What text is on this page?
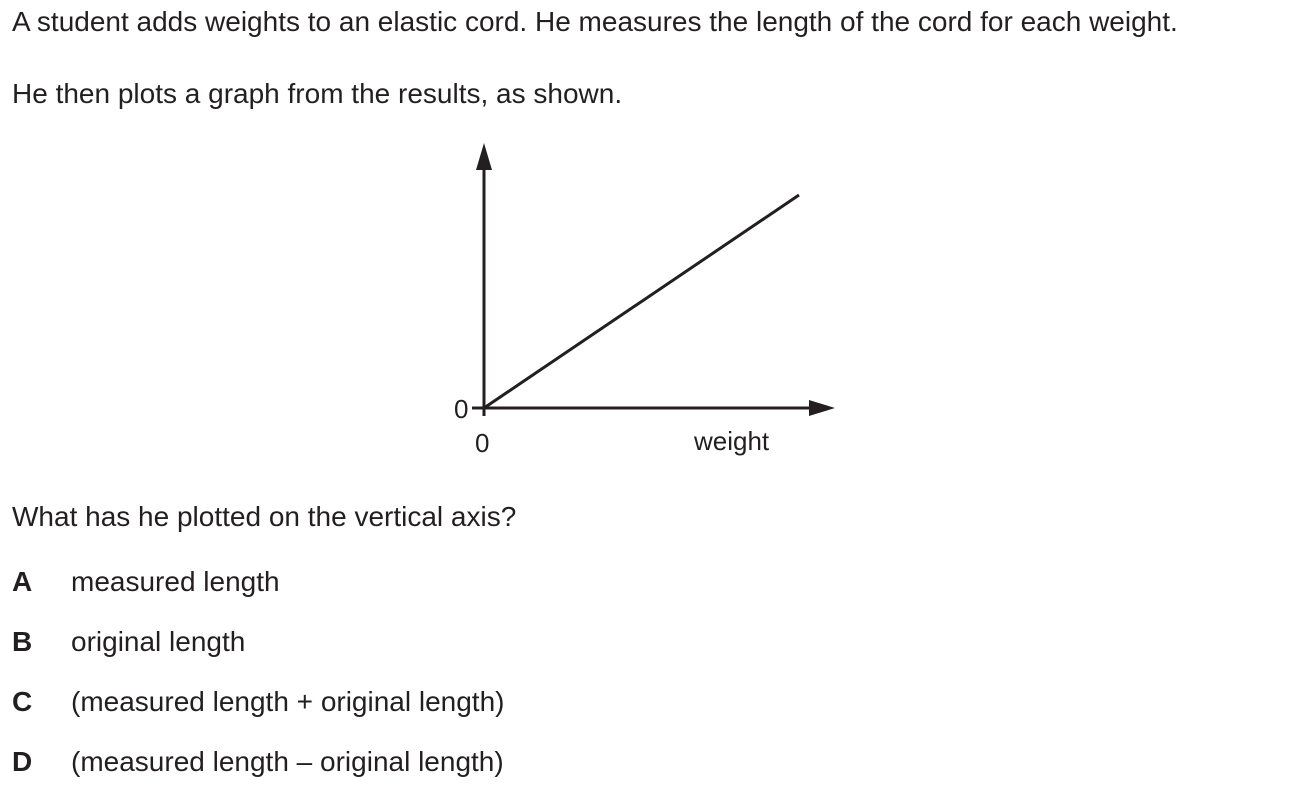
A student adds weights to an elastic cord. He measures the length of the cord for each weight.
He then plots a graph from the results, as shown.
0
0	weight
What has he plotted on the vertical axis?
A	measured length
B	original length
C	(measured length + original length)
D	(measured length – original length)
